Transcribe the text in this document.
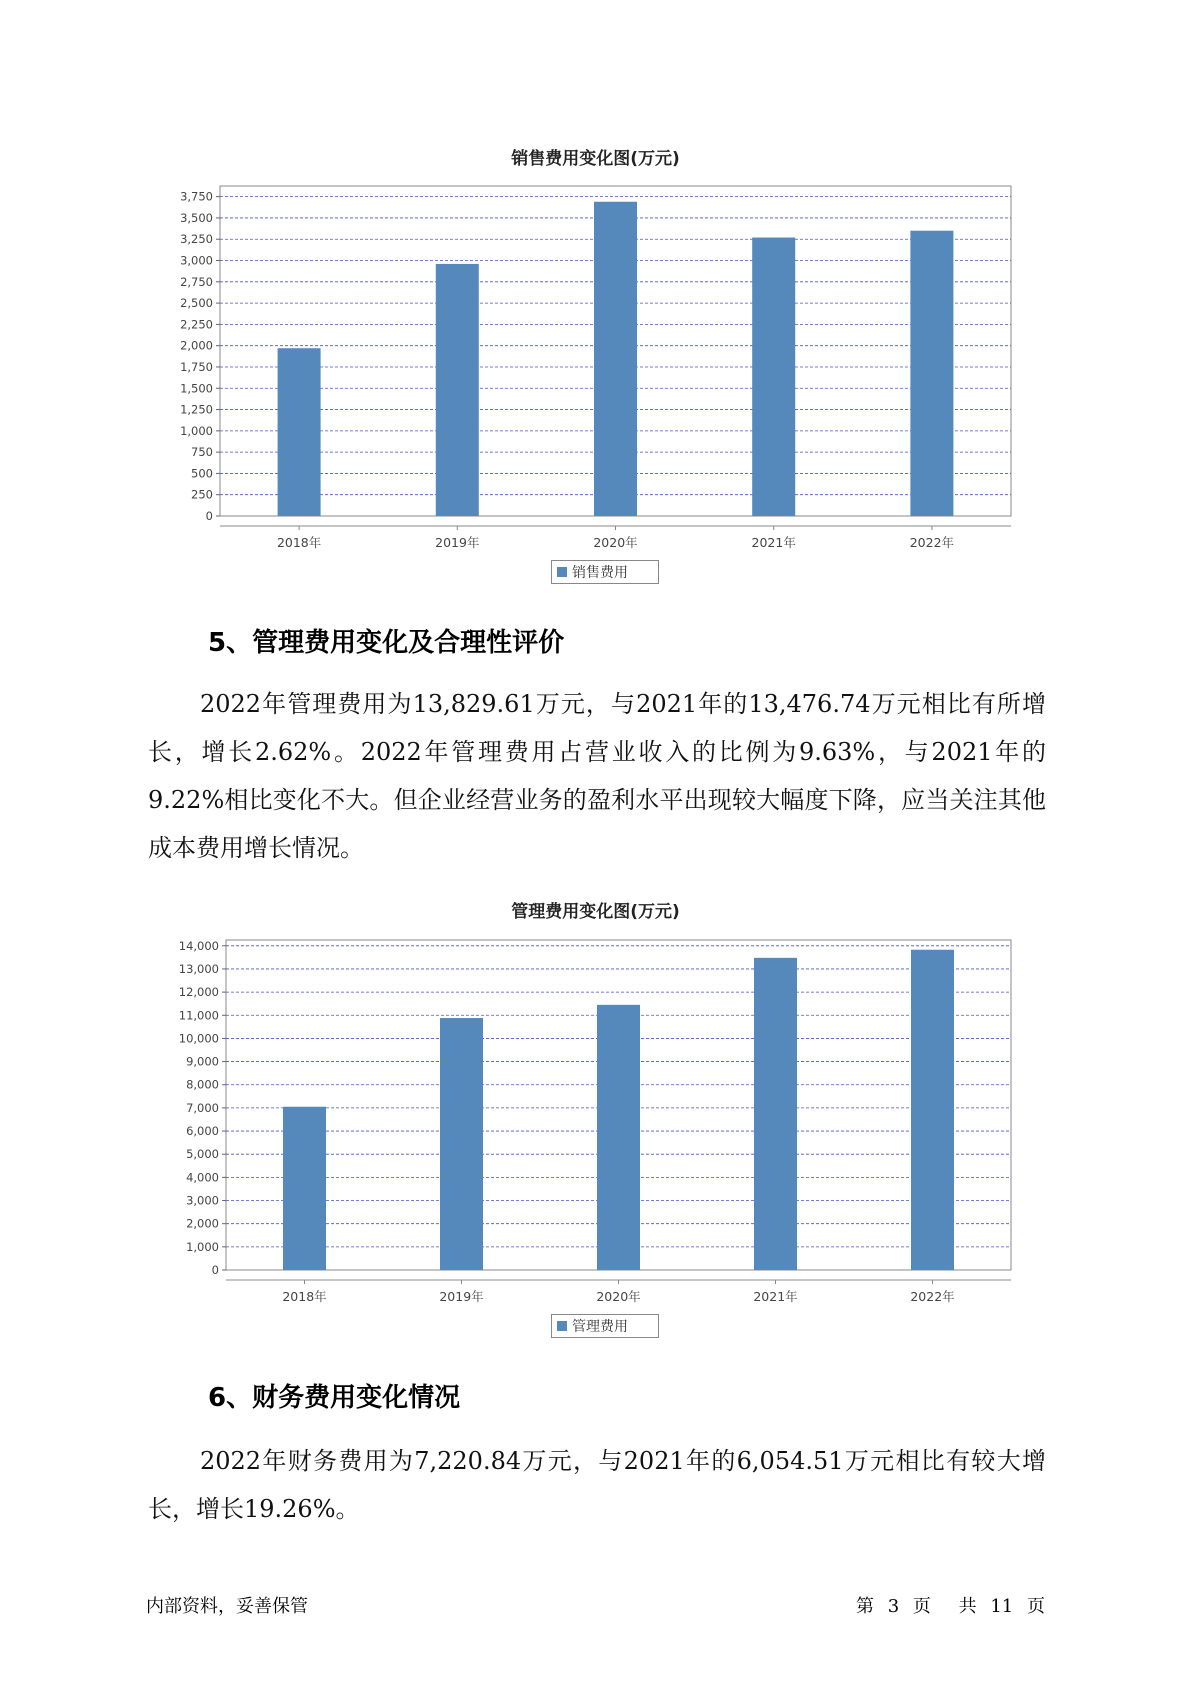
销售费用变化图(万元)
0
250
500
750
1,000
1,250
1,500
1,750
2,000
2,250
2,500
2,750
3,000
3,250
3,500
3,750
2018年	2019年	2020年	2021年	2022年
销售费用
5、管理费用变化及合理性评价
2022年管理费用为13,829.61万元，与2021年的13,476.74万元相比有所增长，增长2.62%。2022年管理费用占营业收入的比例为9.63%，与2021年的9.22%相比变化不大。但企业经营业务的盈利水平出现较大幅度下降，应当关注其他成本费用增长情况。
管理费用变化图(万元)
0
1,000
2,000
3,000
4,000
5,000
6,000
7,000
8,000
9,000
10,000
11,000
12,000
13,000
14,000
2018年	2019年	2020年	2021年	2022年
管理费用
6、财务费用变化情况
2022年财务费用为7,220.84万元，与2021年的6,054.51万元相比有较大增长，增长19.26%。
内部资料，妥善保管	第 3 页 共 11 页
